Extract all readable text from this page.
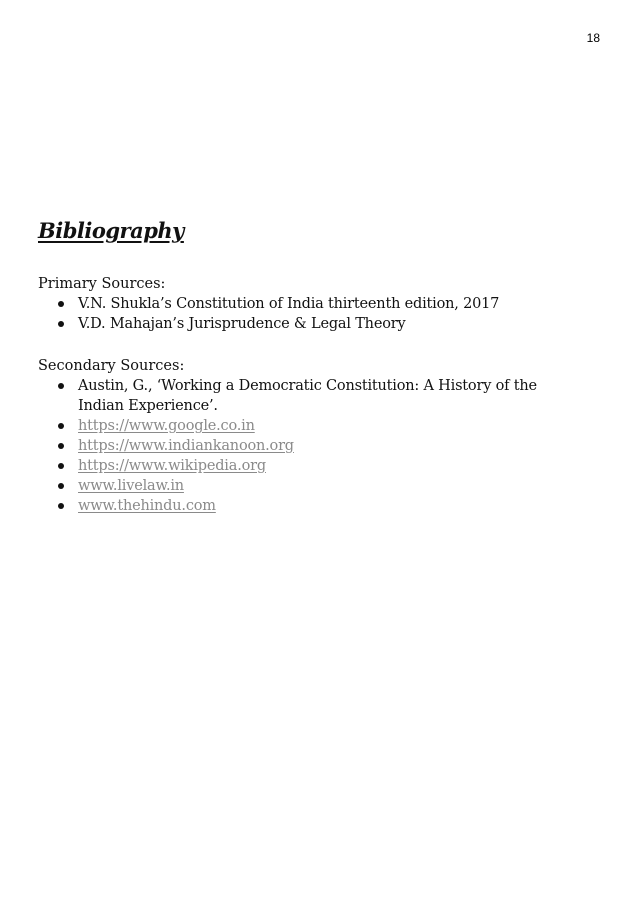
18
Bibliography

Primary Sources:

V.N. Shukla’s Constitution of India thirteenth edition, 2017
V.D. Mahajan’s Jurisprudence & Legal Theory

Secondary Sources:

Austin, G., ‘Working a Democratic Constitution: A History of the Indian Experience’.
https://www.google.co.in
https://www.indiankanoon.org
https://www.wikipedia.org
www.livelaw.in
www.thehindu.com
